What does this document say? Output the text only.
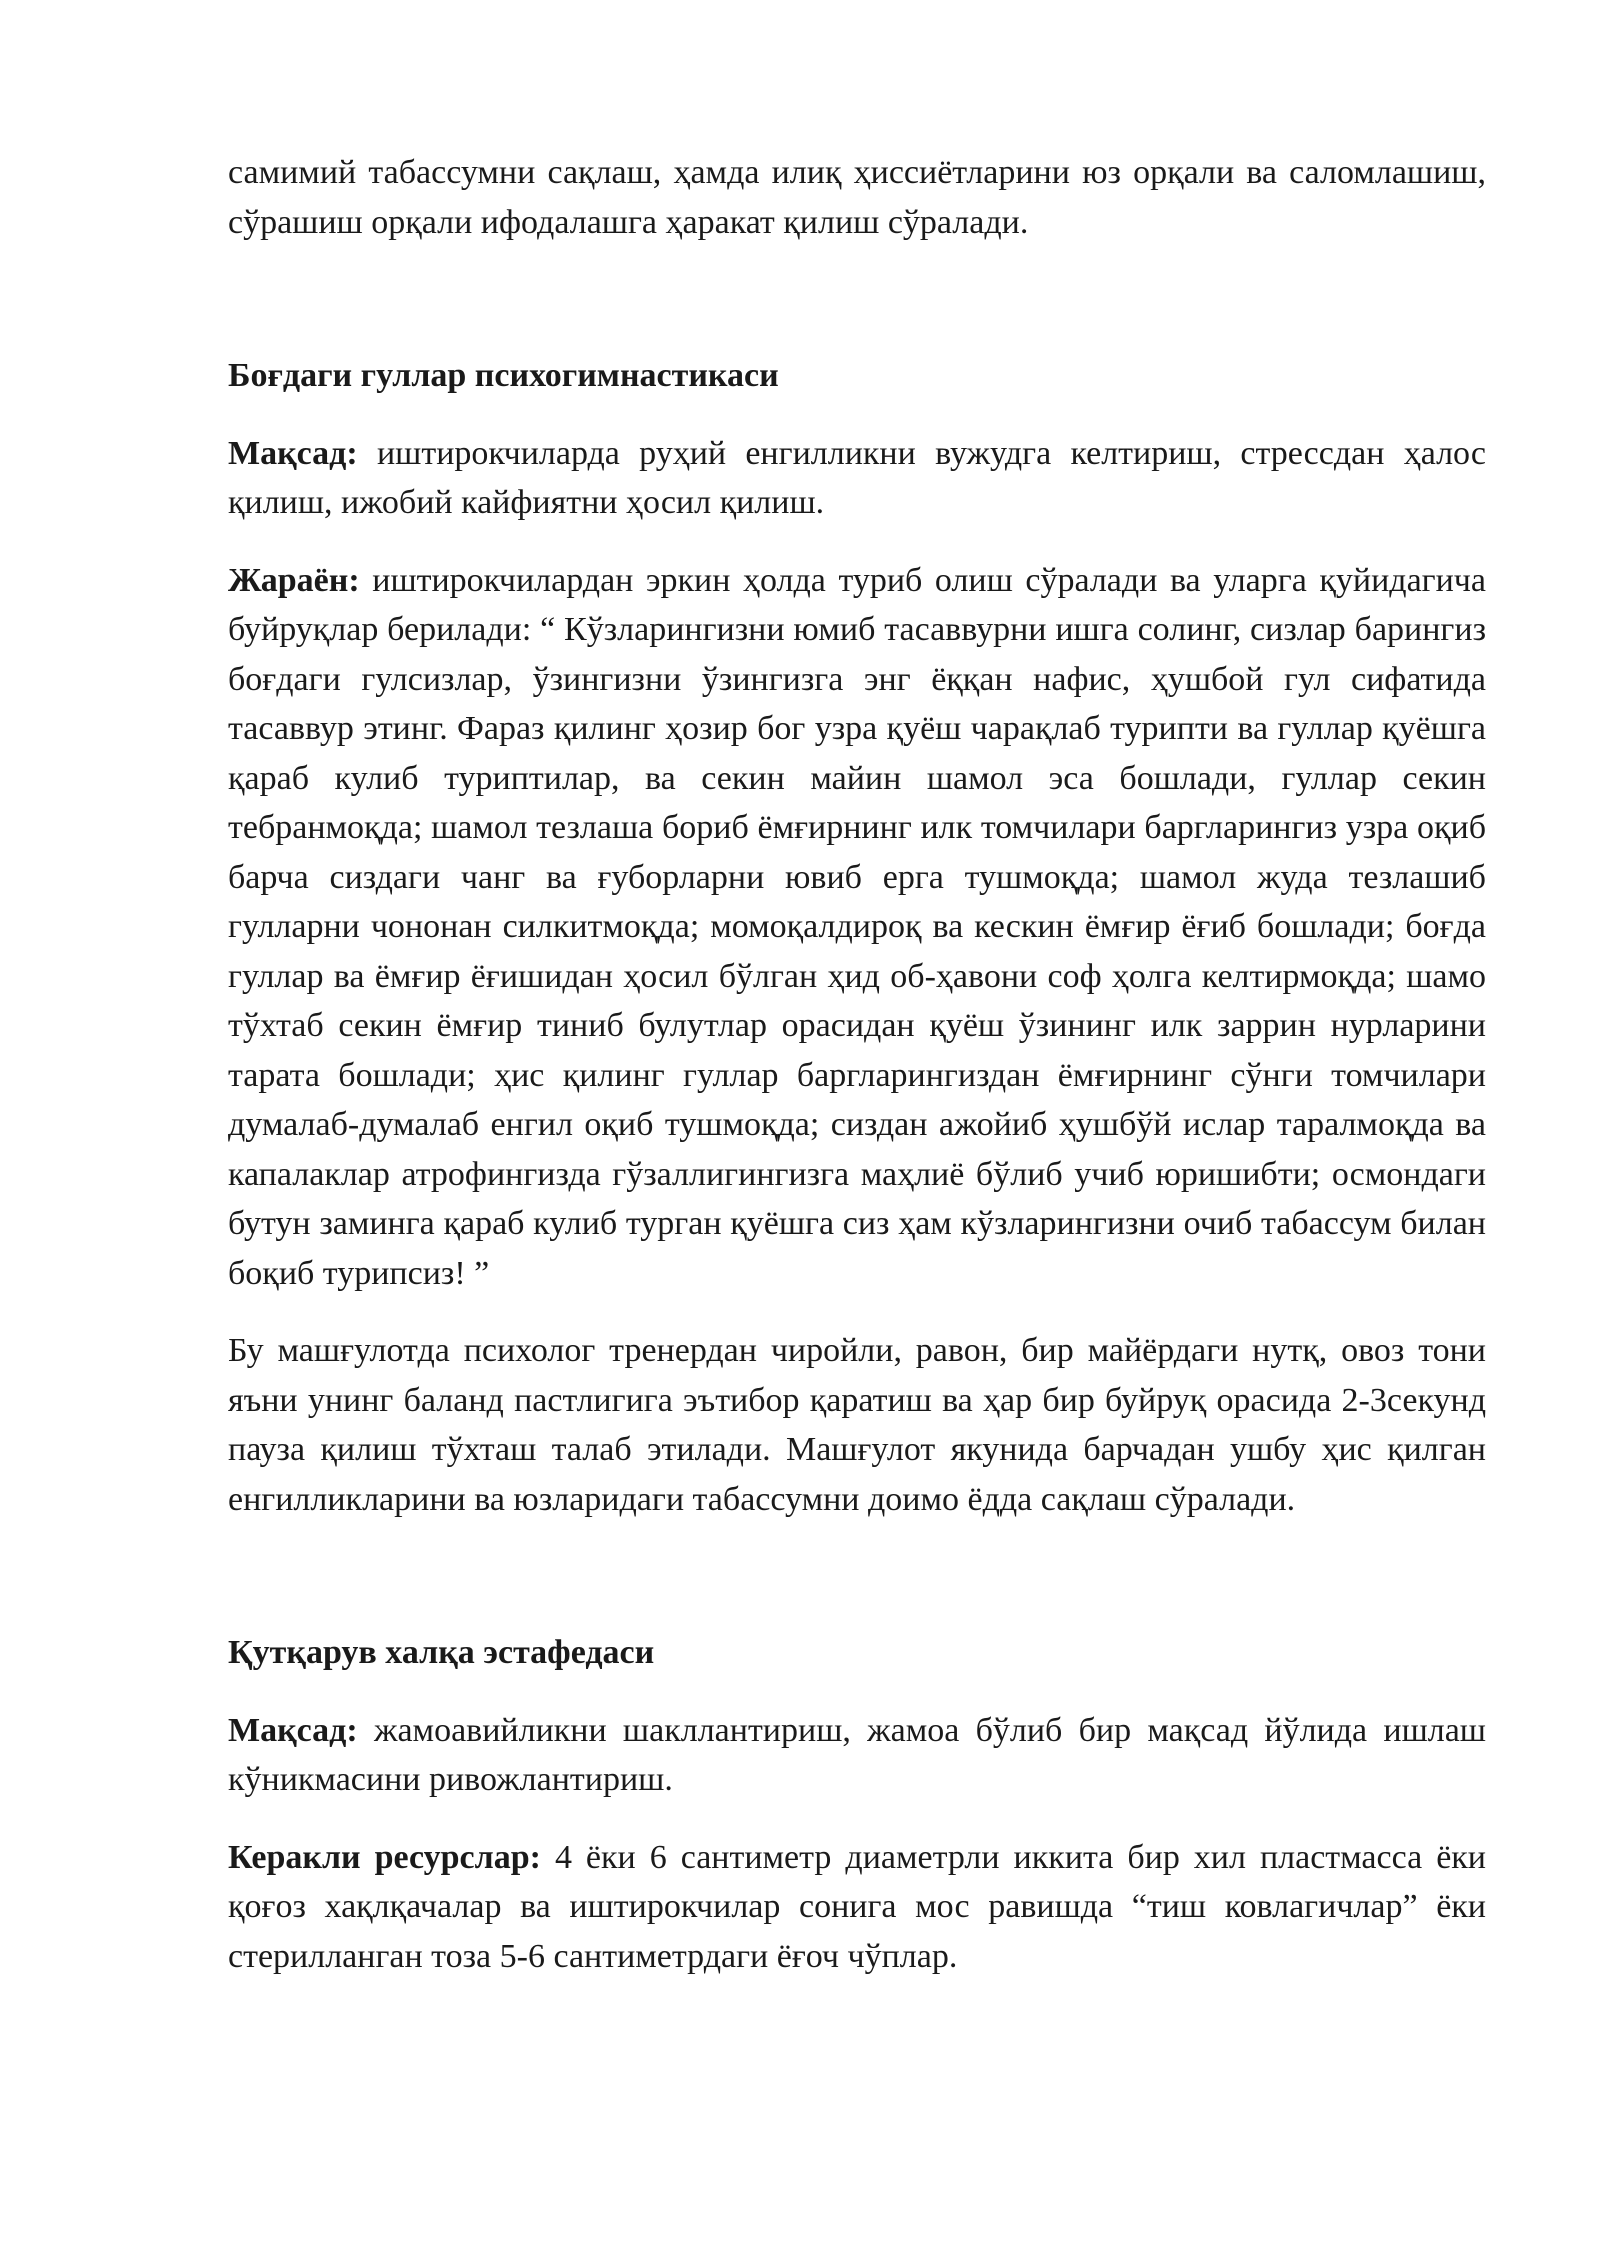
самимий табассумни сақлаш, ҳамда илиқ ҳиссиётларини юз орқали ва саломлашиш, сўрашиш орқали ифодалашга ҳаракат қилиш сўралади.

Боғдаги гуллар психогимнастикаси

Мақсад: иштирокчиларда руҳий енгилликни вужудга келтириш, стрессдан ҳалос қилиш, ижобий кайфиятни ҳосил қилиш.

Жараён: иштирокчилардан эркин ҳолда туриб олиш сўралади ва уларга қуйидагича буйруқлар берилади: “ Кўзларингизни юмиб тасаввурни ишга солинг, сизлар барингиз боғдаги гулсизлар, ўзингизни ўзингизга энг ёққан нафис, ҳушбой гул сифатида тасаввур этинг. Фараз қилинг ҳозир бог узра қуёш чарақлаб турипти ва гуллар қуёшга қараб кулиб туриптилар, ва секин майин шамол эса бошлади, гуллар секин тебранмоқда; шамол тезлаша бориб ёмғирнинг илк томчилари баргларингиз узра оқиб барча сиздаги чанг ва ғуборларни ювиб ерга тушмоқда; шамол жуда тезлашиб гулларни чононан силкитмоқда; момоқалдироқ ва кескин ёмғир ёғиб бошлади; боғда гуллар ва ёмғир ёғишидан ҳосил бўлган ҳид об-ҳавони соф ҳолга келтирмоқда; шамо тўхтаб секин ёмғир тиниб булутлар орасидан қуёш ўзининг илк заррин нурларини тарата бошлади; ҳис қилинг гуллар баргларингиздан ёмғирнинг сўнги томчилари думалаб-думалаб енгил оқиб тушмоқда; сиздан ажойиб ҳушбўй ислар таралмоқда ва капалаклар атрофингизда гўзаллигингизга маҳлиё бўлиб учиб юришибти; осмондаги бутун заминга қараб кулиб турган қуёшга сиз ҳам кўзларингизни очиб табассум билан боқиб турипсиз! ”

Бу машғулотда психолог тренердан чиройли, равон, бир майёрдаги нутқ, овоз тони яъни унинг баланд пастлигига эътибор қаратиш ва ҳар бир буйруқ орасида 2-3секунд пауза қилиш тўхташ талаб этилади. Машғулот якунида барчадан ушбу ҳис қилган енгилликларини ва юзларидаги табассумни доимо ёдда сақлаш сўралади.

Қутқарув халқа эстафедаси

Мақсад: жамоавийликни шакллантириш, жамоа бўлиб бир мақсад йўлида ишлаш кўникмасини ривожлантириш.

Керакли ресурслар: 4 ёки 6 сантиметр диаметрли иккита бир хил пластмасса ёки қоғоз хақлқачалар ва иштирокчилар сонига мос равишда “тиш ковлагичлар” ёки стерилланган тоза 5-6 сантиметрдаги ёғоч чўплар.
